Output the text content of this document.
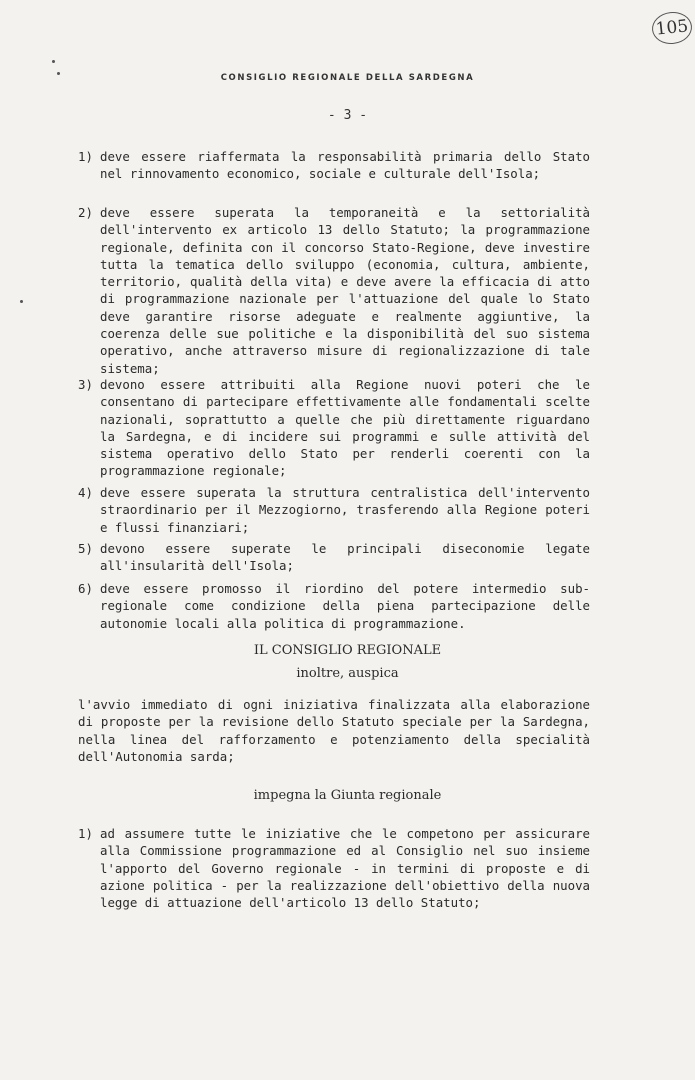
105
CONSIGLIO REGIONALE DELLA SARDEGNA
- 3 -
1) deve essere riaffermata la responsabilità primaria dello Stato nel rinnovamento economico, sociale e culturale dell'Isola;
2) deve essere superata la temporaneità e la settorialità dell'intervento ex articolo 13 dello Statuto; la programmazione regionale, definita con il concorso Stato-Regione, deve investire tutta la tematica dello sviluppo (economia, cultura, ambiente, territorio, qualità della vita) e deve avere la efficacia di atto di programmazione nazionale per l'attuazione del quale lo Stato deve garantire risorse adeguate e realmente aggiuntive, la coerenza delle sue politiche e la disponibilità del suo sistema operativo, anche attraverso misure di regionalizzazione di tale sistema;
3) devono essere attribuiti alla Regione nuovi poteri che le consentano di partecipare effettivamente alle fondamentali scelte nazionali, soprattutto a quelle che più direttamente riguardano la Sardegna, e di incidere sui programmi e sulle attività del sistema operativo dello Stato per renderli coerenti con la programmazione regionale;
4) deve essere superata la struttura centralistica dell'intervento straordinario per il Mezzogiorno, trasferendo alla Regione poteri e flussi finanziari;
5) devono essere superate le principali diseconomie legate all'insularità dell'Isola;
6) deve essere promosso il riordino del potere intermedio sub-regionale come condizione della piena partecipazione delle autonomie locali alla politica di programmazione.
IL CONSIGLIO REGIONALE
inoltre, auspica
l'avvio immediato di ogni iniziativa finalizzata alla elaborazione di proposte per la revisione dello Statuto speciale per la Sardegna, nella linea del rafforzamento e potenziamento della specialità dell'Autonomia sarda;
impegna la Giunta regionale
1) ad assumere tutte le iniziative che le competono per assicurare alla Commissione programmazione ed al Consiglio nel suo insieme l'apporto del Governo regionale - in termini di proposte e di azione politica - per la realizzazione dell'obiettivo della nuova legge di attuazione dell'articolo 13 dello Statuto;
